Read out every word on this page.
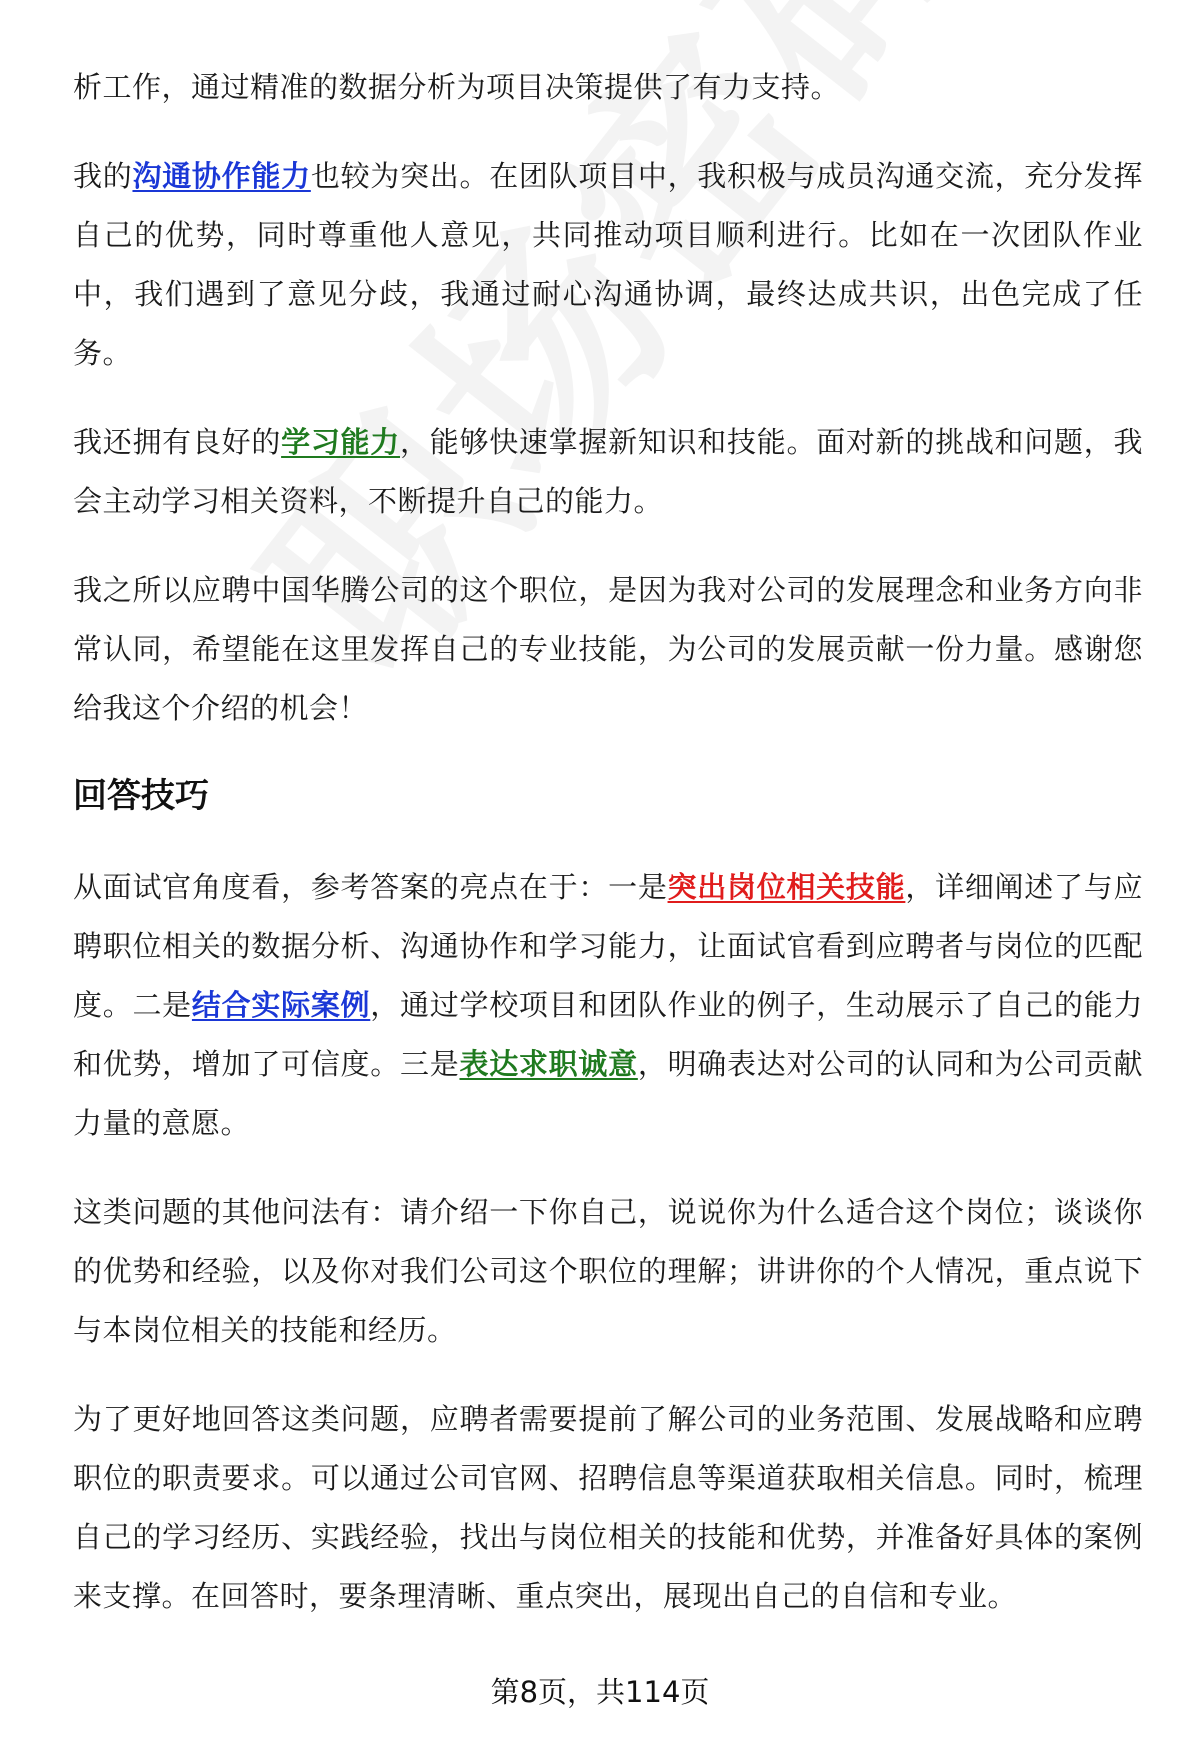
析工作，通过精准的数据分析为项目决策提供了有力支持。

我的沟通协作能力也较为突出。在团队项目中，我积极与成员沟通交流，充分发挥自己的优势，同时尊重他人意见，共同推动项目顺利进行。比如在一次团队作业中，我们遇到了意见分歧，我通过耐心沟通协调，最终达成共识，出色完成了任务。

我还拥有良好的学习能力，能够快速掌握新知识和技能。面对新的挑战和问题，我会主动学习相关资料，不断提升自己的能力。

我之所以应聘中国华腾公司的这个职位，是因为我对公司的发展理念和业务方向非常认同，希望能在这里发挥自己的专业技能，为公司的发展贡献一份力量。感谢您给我这个介绍的机会！

回答技巧

从面试官角度看，参考答案的亮点在于：一是突出岗位相关技能，详细阐述了与应聘职位相关的数据分析、沟通协作和学习能力，让面试官看到应聘者与岗位的匹配度。二是结合实际案例，通过学校项目和团队作业的例子，生动展示了自己的能力和优势，增加了可信度。三是表达求职诚意，明确表达对公司的认同和为公司贡献力量的意愿。

这类问题的其他问法有：请介绍一下你自己，说说你为什么适合这个岗位；谈谈你的优势和经验，以及你对我们公司这个职位的理解；讲讲你的个人情况，重点说下与本岗位相关的技能和经历。

为了更好地回答这类问题，应聘者需要提前了解公司的业务范围、发展战略和应聘职位的职责要求。可以通过公司官网、招聘信息等渠道获取相关信息。同时，梳理自己的学习经历、实践经验，找出与岗位相关的技能和优势，并准备好具体的案例来支撑。在回答时，要条理清晰、重点突出，展现出自己的自信和专业。

第8页，共114页
